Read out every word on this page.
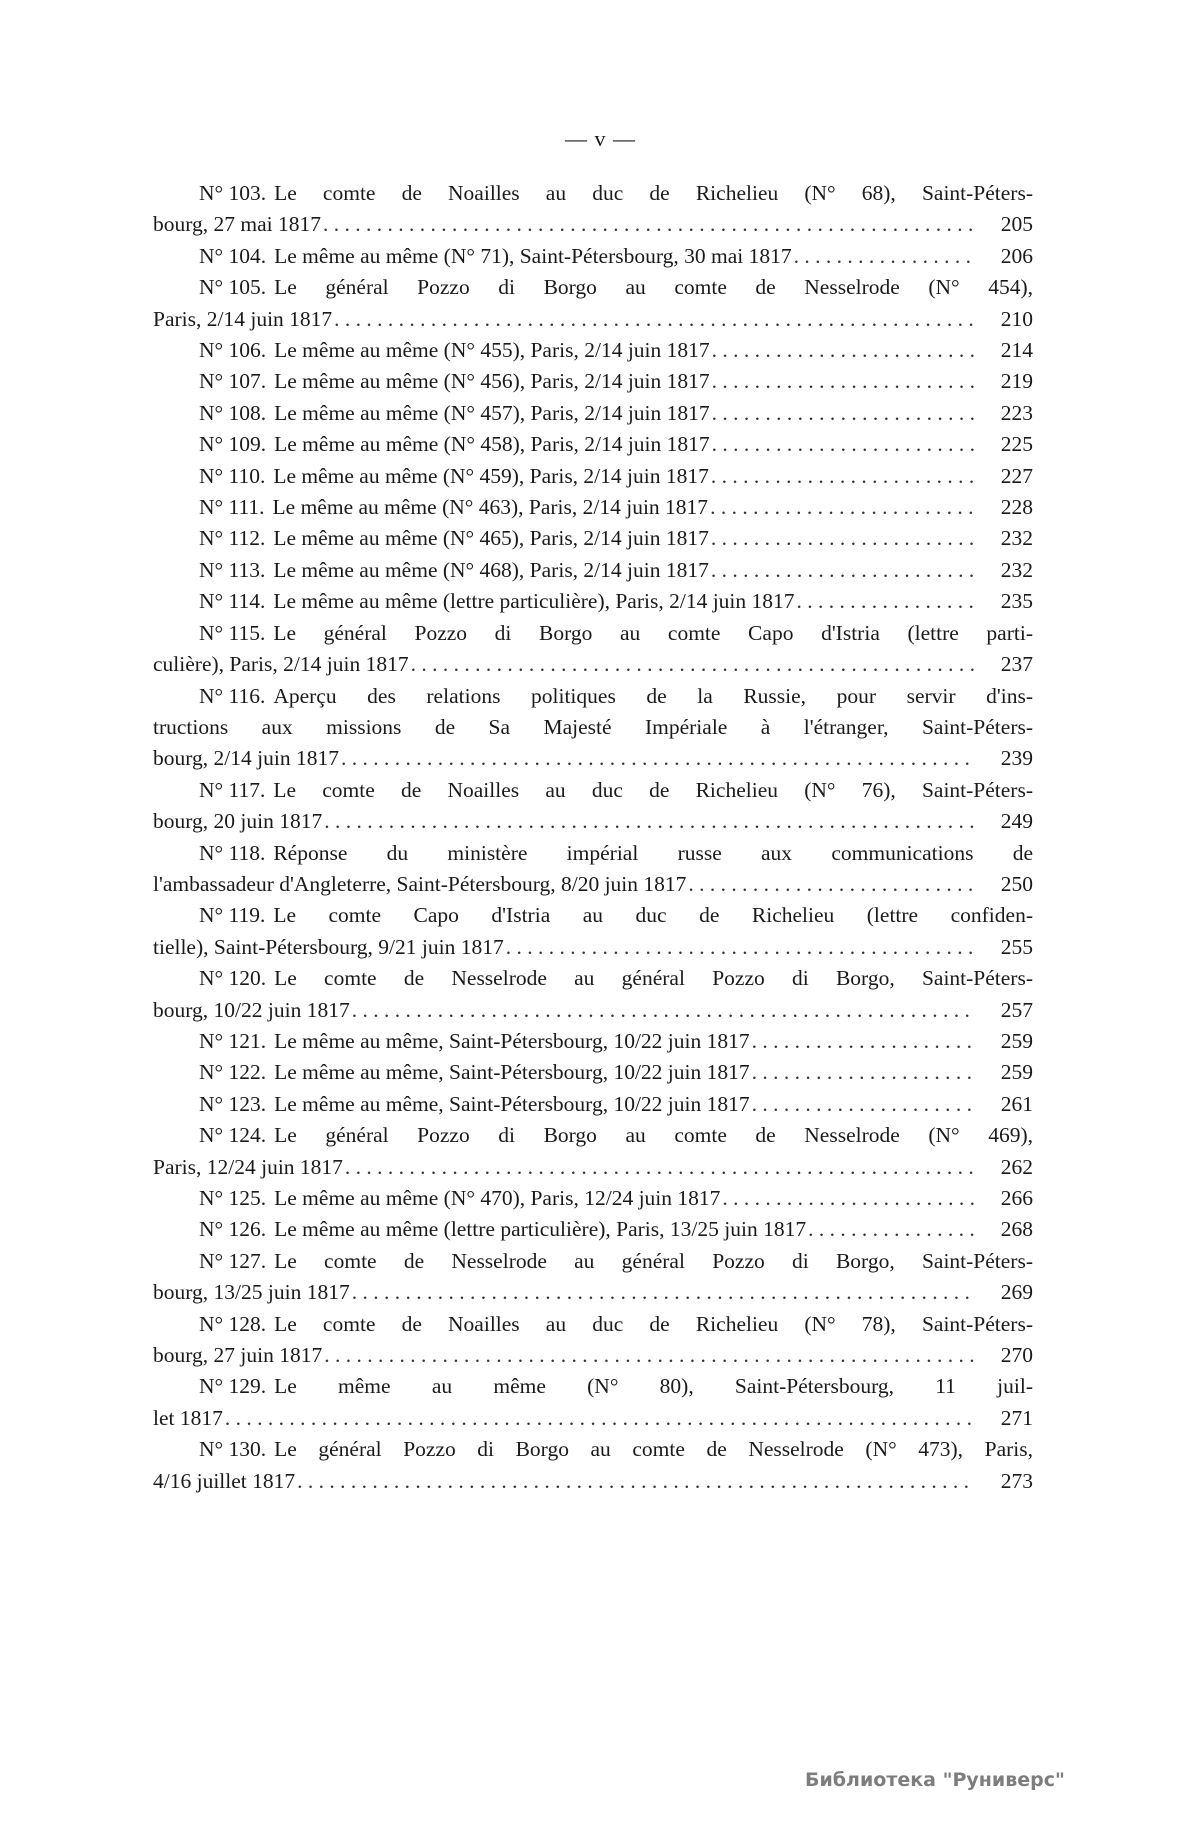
— v —
N° 103. Le comte de Noailles au duc de Richelieu (N° 68), Saint-Péters-
bourg, 27 mai 1817 . . .	205
N° 104. Le même au même (N° 71), Saint-Pétersbourg, 30 mai 1817 . . .	206
N° 105. Le général Pozzo di Borgo au comte de Nesselrode (N° 454),
Paris, 2/14 juin 1817 . . .	210
N° 106. Le même au même (N° 455), Paris, 2/14 juin 1817 . . .	214
N° 107. Le même au même (N° 456), Paris, 2/14 juin 1817 . . .	219
N° 108. Le même au même (N° 457), Paris, 2/14 juin 1817 . . .	223
N° 109. Le même au même (N° 458), Paris, 2/14 juin 1817 . . .	225
N° 110. Le même au même (N° 459), Paris, 2/14 juin 1817 . . .	227
N° 111. Le même au même (N° 463), Paris, 2/14 juin 1817 . . .	228
N° 112. Le même au même (N° 465), Paris, 2/14 juin 1817 . . .	232
N° 113. Le même au même (N° 468), Paris, 2/14 juin 1817 . . .	232
N° 114. Le même au même (lettre particulière), Paris, 2/14 juin 1817 . . .	235
N° 115. Le général Pozzo di Borgo au comte Capo d'Istria (lettre parti-
culière), Paris, 2/14 juin 1817 . . .	237
N° 116. Aperçu des relations politiques de la Russie, pour servir d'ins-
tructions aux missions de Sa Majesté Impériale à l'étranger, Saint-Péters-
bourg, 2/14 juin 1817 . . .	239
N° 117. Le comte de Noailles au duc de Richelieu (N° 76), Saint-Péters-
bourg, 20 juin 1817 . . .	249
N° 118. Réponse du ministère impérial russe aux communications de
l'ambassadeur d'Angleterre, Saint-Pétersbourg, 8/20 juin 1817 . . .	250
N° 119. Le comte Capo d'Istria au duc de Richelieu (lettre confiden-
tielle), Saint-Pétersbourg, 9/21 juin 1817 . . .	255
N° 120. Le comte de Nesselrode au général Pozzo di Borgo, Saint-Péters-
bourg, 10/22 juin 1817 . . .	257
N° 121. Le même au même, Saint-Pétersbourg, 10/22 juin 1817 . . .	259
N° 122. Le même au même, Saint-Pétersbourg, 10/22 juin 1817 . . .	259
N° 123. Le même au même, Saint-Pétersbourg, 10/22 juin 1817 . . .	261
N° 124. Le général Pozzo di Borgo au comte de Nesselrode (N° 469),
Paris, 12/24 juin 1817 . . .	262
N° 125. Le même au même (N° 470), Paris, 12/24 juin 1817 . . .	266
N° 126. Le même au même (lettre particulière), Paris, 13/25 juin 1817 . . .	268
N° 127. Le comte de Nesselrode au général Pozzo di Borgo, Saint-Péters-
bourg, 13/25 juin 1817 . . .	269
N° 128. Le comte de Noailles au duc de Richelieu (N° 78), Saint-Péters-
bourg, 27 juin 1817 . . .	270
N° 129. Le même au même (N° 80), Saint-Pétersbourg, 11 juil-
let 1817 . . .	271
N° 130. Le général Pozzo di Borgo au comte de Nesselrode (N° 473), Paris,
4/16 juillet 1817 . . .	273
Библиотека "Руниверс"
